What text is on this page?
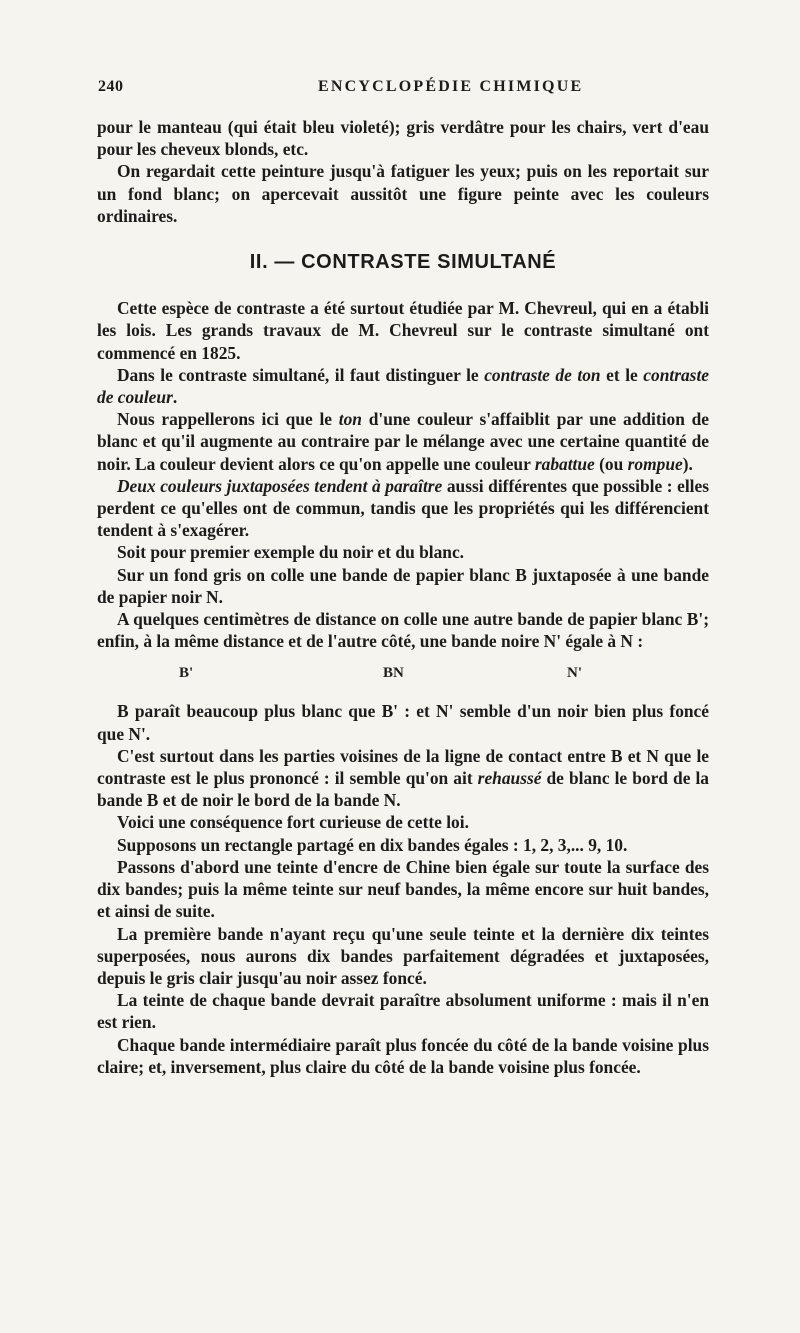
240	ENCYCLOPÉDIE CHIMIQUE

pour le manteau (qui était bleu violeté); gris verdâtre pour les chairs, vert d'eau pour les cheveux blonds, etc.

On regardait cette peinture jusqu'à fatiguer les yeux; puis on les reportait sur un fond blanc; on apercevait aussitôt une figure peinte avec les couleurs ordinaires.

II. — CONTRASTE SIMULTANÉ

Cette espèce de contraste a été surtout étudiée par M. Chevreul, qui en a établi les lois. Les grands travaux de M. Chevreul sur le contraste simultané ont commencé en 1825.

Dans le contraste simultané, il faut distinguer le contraste de ton et le contraste de couleur.

Nous rappellerons ici que le ton d'une couleur s'affaiblit par une addition de blanc et qu'il augmente au contraire par le mélange avec une certaine quantité de noir. La couleur devient alors ce qu'on appelle une couleur rabattue (ou rompue).

Deux couleurs juxtaposées tendent à paraître aussi différentes que possible : elles perdent ce qu'elles ont de commun, tandis que les propriétés qui les différencient tendent à s'exagérer.

Soit pour premier exemple du noir et du blanc.

Sur un fond gris on colle une bande de papier blanc B juxtaposée à une bande de papier noir N.

A quelques centimètres de distance on colle une autre bande de papier blanc B'; enfin, à la même distance et de l'autre côté, une bande noire N' égale à N :

B'	BN	N'

B paraît beaucoup plus blanc que B' : et N' semble d'un noir bien plus foncé que N'.

C'est surtout dans les parties voisines de la ligne de contact entre B et N que le contraste est le plus prononcé : il semble qu'on ait rehaussé de blanc le bord de la bande B et de noir le bord de la bande N.

Voici une conséquence fort curieuse de cette loi.

Supposons un rectangle partagé en dix bandes égales : 1, 2, 3,... 9, 10.

Passons d'abord une teinte d'encre de Chine bien égale sur toute la surface des dix bandes; puis la même teinte sur neuf bandes, la même encore sur huit bandes, et ainsi de suite.

La première bande n'ayant reçu qu'une seule teinte et la dernière dix teintes superposées, nous aurons dix bandes parfaitement dégradées et juxtaposées, depuis le gris clair jusqu'au noir assez foncé.

La teinte de chaque bande devrait paraître absolument uniforme : mais il n'en est rien.

Chaque bande intermédiaire paraît plus foncée du côté de la bande voisine plus claire; et, inversement, plus claire du côté de la bande voisine plus foncée.
